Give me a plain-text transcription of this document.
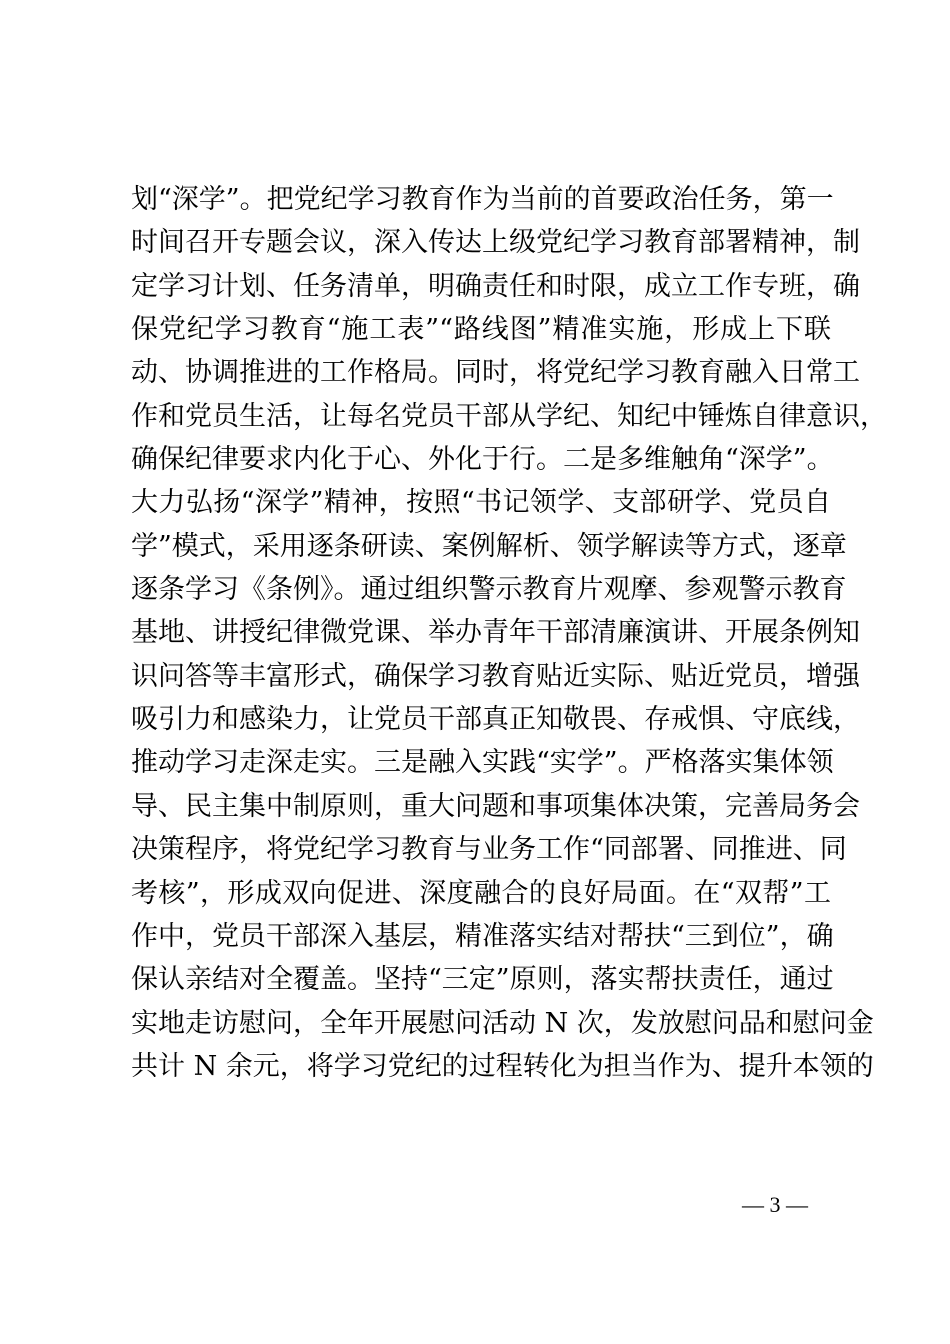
划“深学”。把党纪学习教育作为当前的首要政治任务，第一
时间召开专题会议，深入传达上级党纪学习教育部署精神，制
定学习计划、任务清单，明确责任和时限，成立工作专班，确
保党纪学习教育“施工表”“路线图”精准实施，形成上下联
动、协调推进的工作格局。同时，将党纪学习教育融入日常工
作和党员生活，让每名党员干部从学纪、知纪中锤炼自律意识，
确保纪律要求内化于心、外化于行。二是多维触角“深学”。
大力弘扬“深学”精神，按照“书记领学、支部研学、党员自
学”模式，采用逐条研读、案例解析、领学解读等方式，逐章
逐条学习《条例》。通过组织警示教育片观摩、参观警示教育
基地、讲授纪律微党课、举办青年干部清廉演讲、开展条例知
识问答等丰富形式，确保学习教育贴近实际、贴近党员，增强
吸引力和感染力，让党员干部真正知敬畏、存戒惧、守底线，
推动学习走深走实。三是融入实践“实学”。严格落实集体领
导、民主集中制原则，重大问题和事项集体决策，完善局务会
决策程序，将党纪学习教育与业务工作“同部署、同推进、同
考核”，形成双向促进、深度融合的良好局面。在“双帮”工
作中，党员干部深入基层，精准落实结对帮扶“三到位”，确
保认亲结对全覆盖。坚持“三定”原则，落实帮扶责任，通过
实地走访慰问，全年开展慰问活动 N 次，发放慰问品和慰问金
共计 N 余元，将学习党纪的过程转化为担当作为、提升本领的
— 3 —
